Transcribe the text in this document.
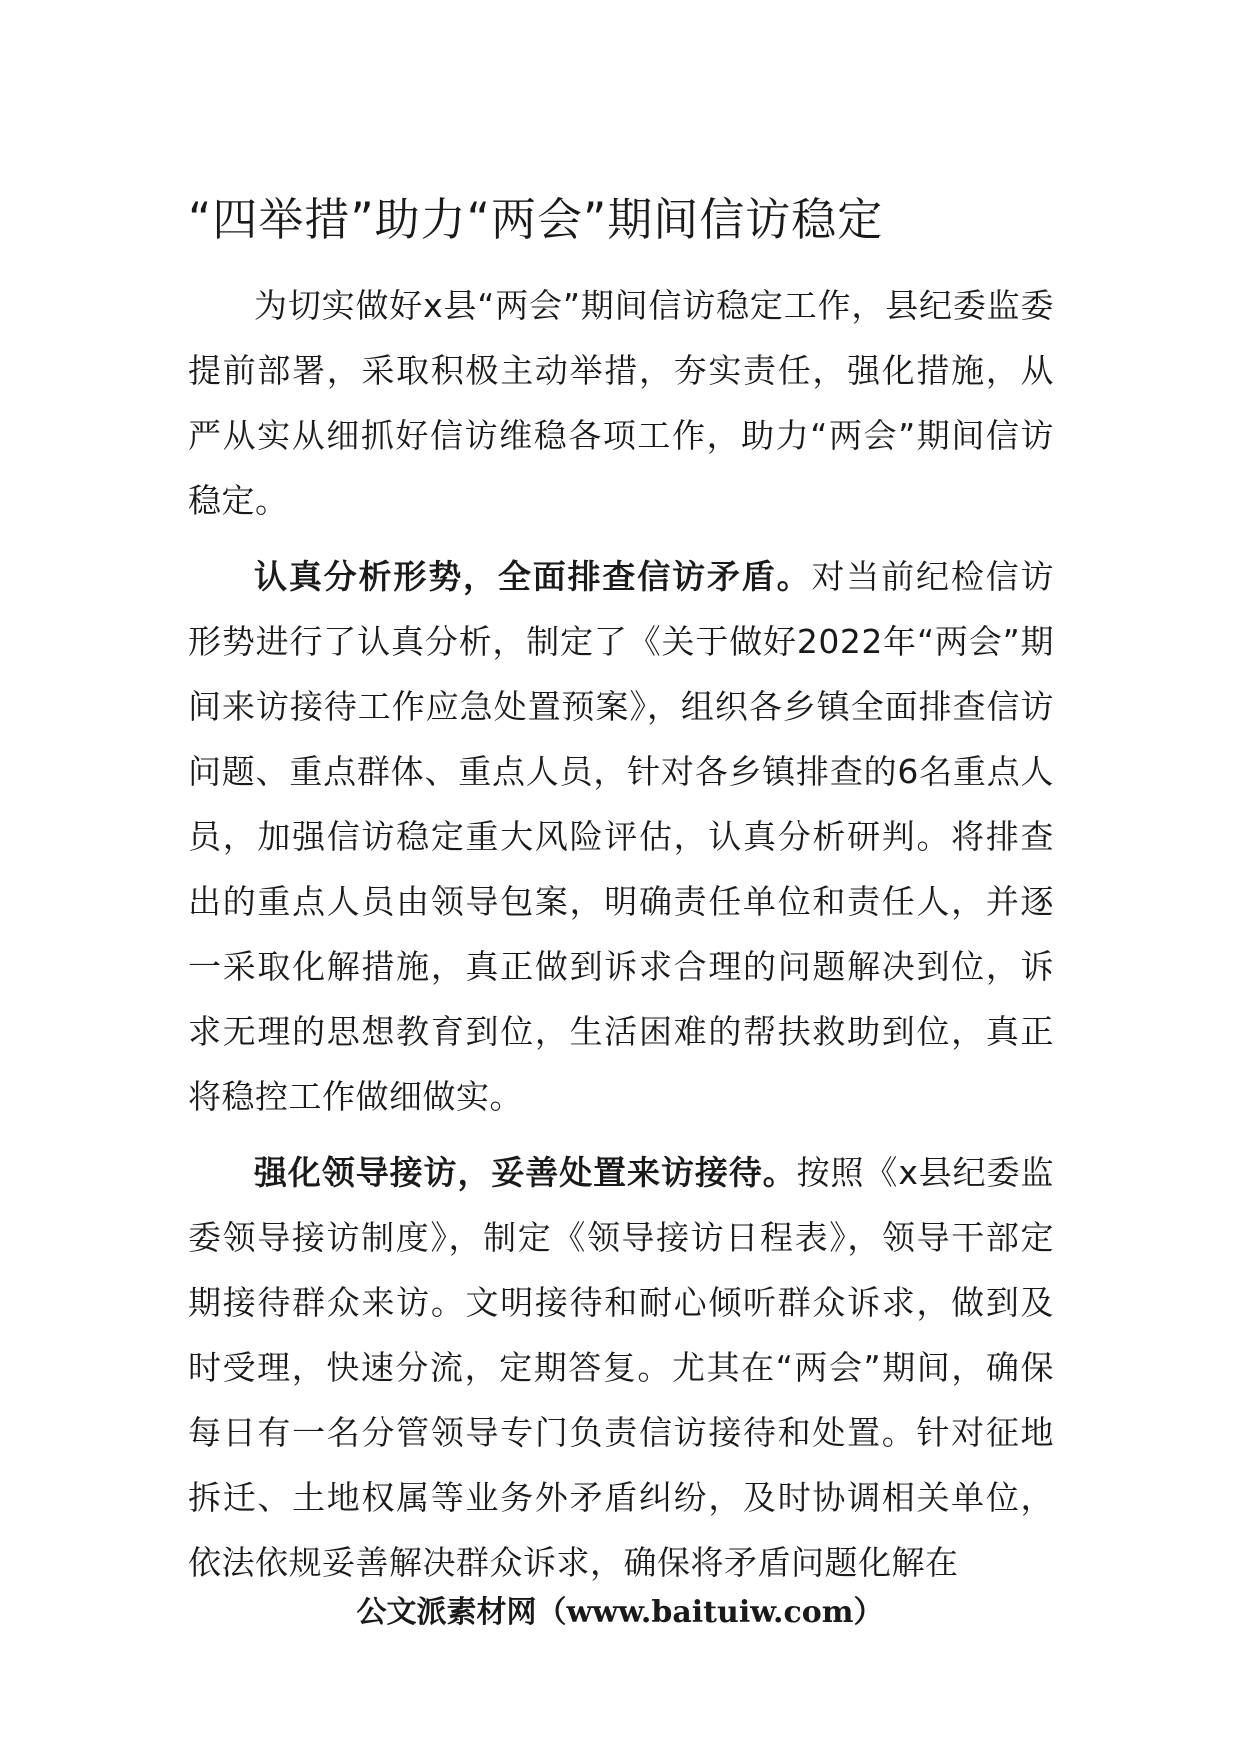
“四举措”助力“两会”期间信访稳定

为切实做好x县“两会”期间信访稳定工作，县纪委监委提前部署，采取积极主动举措，夯实责任，强化措施，从严从实从细抓好信访维稳各项工作，助力“两会”期间信访稳定。

认真分析形势，全面排查信访矛盾。对当前纪检信访形势进行了认真分析，制定了《关于做好2022年“两会”期间来访接待工作应急处置预案》，组织各乡镇全面排查信访问题、重点群体、重点人员，针对各乡镇排查的6名重点人员，加强信访稳定重大风险评估，认真分析研判。将排查出的重点人员由领导包案，明确责任单位和责任人，并逐一采取化解措施，真正做到诉求合理的问题解决到位，诉求无理的思想教育到位，生活困难的帮扶救助到位，真正将稳控工作做细做实。

强化领导接访，妥善处置来访接待。按照《x县纪委监委领导接访制度》，制定《领导接访日程表》，领导干部定期接待群众来访。文明接待和耐心倾听群众诉求，做到及时受理，快速分流，定期答复。尤其在“两会”期间，确保每日有一名分管领导专门负责信访接待和处置。针对征地拆迁、土地权属等业务外矛盾纠纷，及时协调相关单位，依法依规妥善解决群众诉求，确保将矛盾问题化解在

公文派素材网（www.baituiw.com）
